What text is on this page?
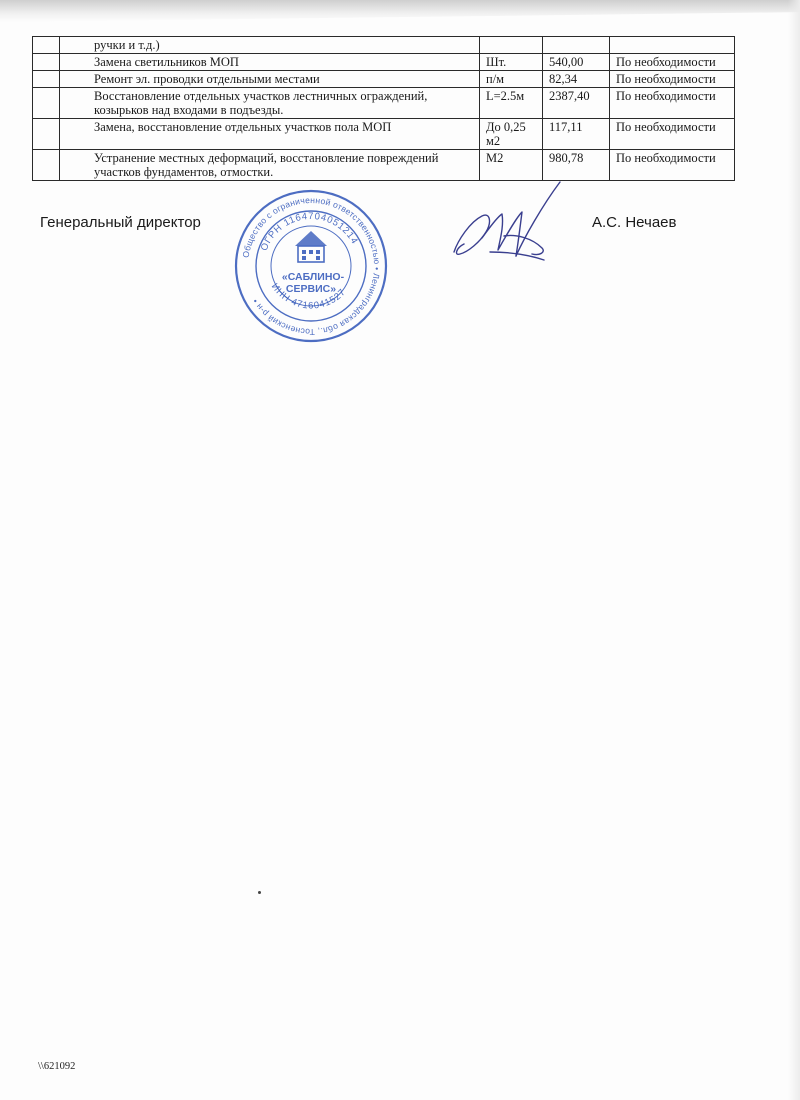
	ручки и т.д.)			
	Замена светильников МОП	Шт.	540,00	По необходимости
	Ремонт эл. проводки отдельными местами	п/м	82,34	По необходимости
	Восстановление отдельных участков лестничных ограждений, козырьков над входами в подъезды.	L=2.5м	2387,40	По необходимости
	Замена, восстановление отдельных участков пола МОП	До 0,25 м2	117,11	По необходимости
	Устранение местных деформаций, восстановление повреждений участков фундаментов, отмостки.	М2	980,78	По необходимости
Генеральный директор
Общество с ограниченной ответственностью • Ленинградская обл., Тосненский р-н •
ОГРН 1164704051214
ИНН 4716041527
«САБЛИНО-
СЕРВИС»
А.С. Нечаев
\\621092
